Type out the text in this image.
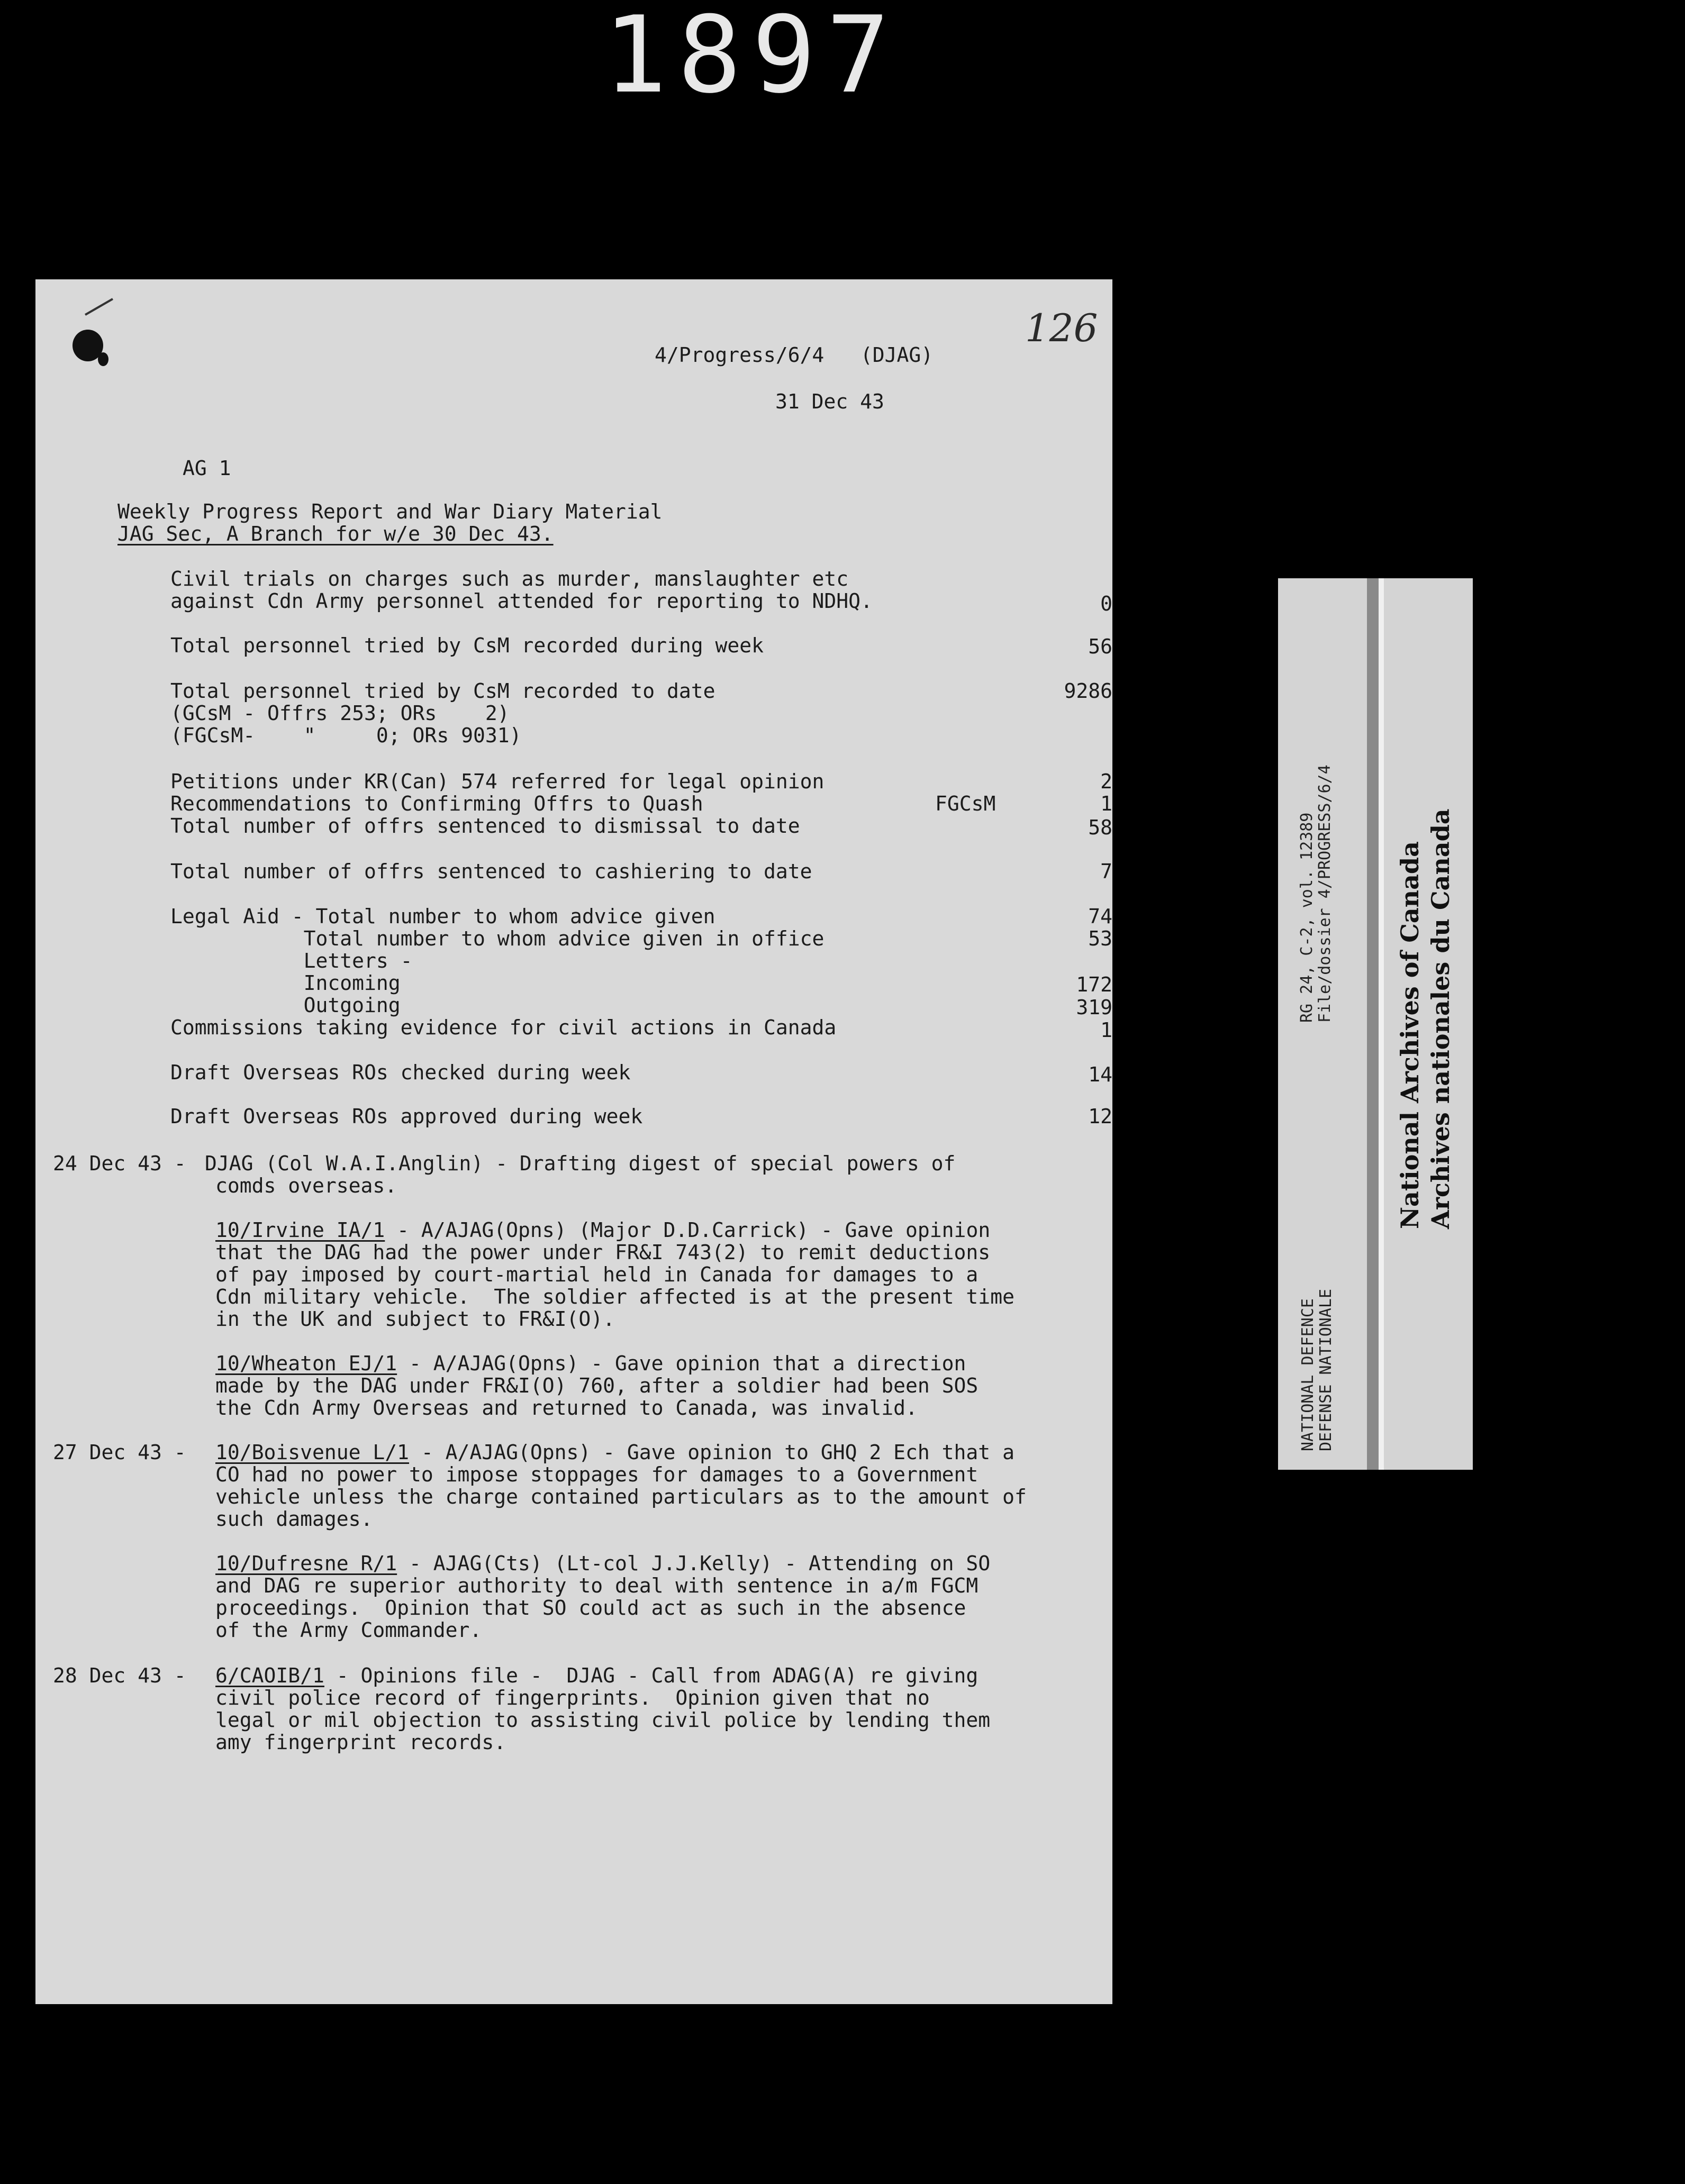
1897
126
4/Progress/6/4   (DJAG)
31 Dec 43
AG 1
Weekly Progress Report and War Diary Material
JAG Sec, A Branch for w/e 30 Dec 43.
Civil trials on charges such as murder, manslaughter etc
against Cdn Army personnel attended for reporting to NDHQ.	0
Total personnel tried by CsM recorded during week	56
Total personnel tried by CsM recorded to date	9286
(GCsM - Offrs 253; ORs    2)
(FGCsM-    "     0; ORs 9031)
Petitions under KR(Can) 574 referred for legal opinion	2
Recommendations to Confirming Offrs to Quash	FGCsM	1
Total number of offrs sentenced to dismissal to date	58
Total number of offrs sentenced to cashiering to date	7
Legal Aid - Total number to whom advice given	74
Total number to whom advice given in office	53
Letters -
Incoming	172
Outgoing	319
Commissions taking evidence for civil actions in Canada	1
Draft Overseas ROs checked during week	14
Draft Overseas ROs approved during week	12
24 Dec 43 - DJAG (Col W.A.I.Anglin) - Drafting digest of special powers of
comds overseas.
10/Irvine IA/1 - A/AJAG(Opns) (Major D.D.Carrick) - Gave opinion
that the DAG had the power under FR&I 743(2) to remit deductions
of pay imposed by court-martial held in Canada for damages to a
Cdn military vehicle.  The soldier affected is at the present time
in the UK and subject to FR&I(O).
10/Wheaton EJ/1 - A/AJAG(Opns) - Gave opinion that a direction
made by the DAG under FR&I(O) 760, after a soldier had been SOS
the Cdn Army Overseas and returned to Canada, was invalid.
27 Dec 43 - 10/Boisvenue L/1 - A/AJAG(Opns) - Gave opinion to GHQ 2 Ech that a
CO had no power to impose stoppages for damages to a Government
vehicle unless the charge contained particulars as to the amount of
such damages.
10/Dufresne R/1 - AJAG(Cts) (Lt-col J.J.Kelly) - Attending on SO
and DAG re superior authority to deal with sentence in a/m FGCM
proceedings.  Opinion that SO could act as such in the absence
of the Army Commander.
28 Dec 43 - 6/CAOIB/1 - Opinions file -  DJAG - Call from ADAG(A) re giving
civil police record of fingerprints.  Opinion given that no
legal or mil objection to assisting civil police by lending them
amy fingerprint records.
RG 24, C-2, vol. 12389
File/dossier 4/PROGRESS/6/4
NATIONAL DEFENCE
DEFENSE NATIONALE
National Archives of Canada
Archives nationales du Canada
